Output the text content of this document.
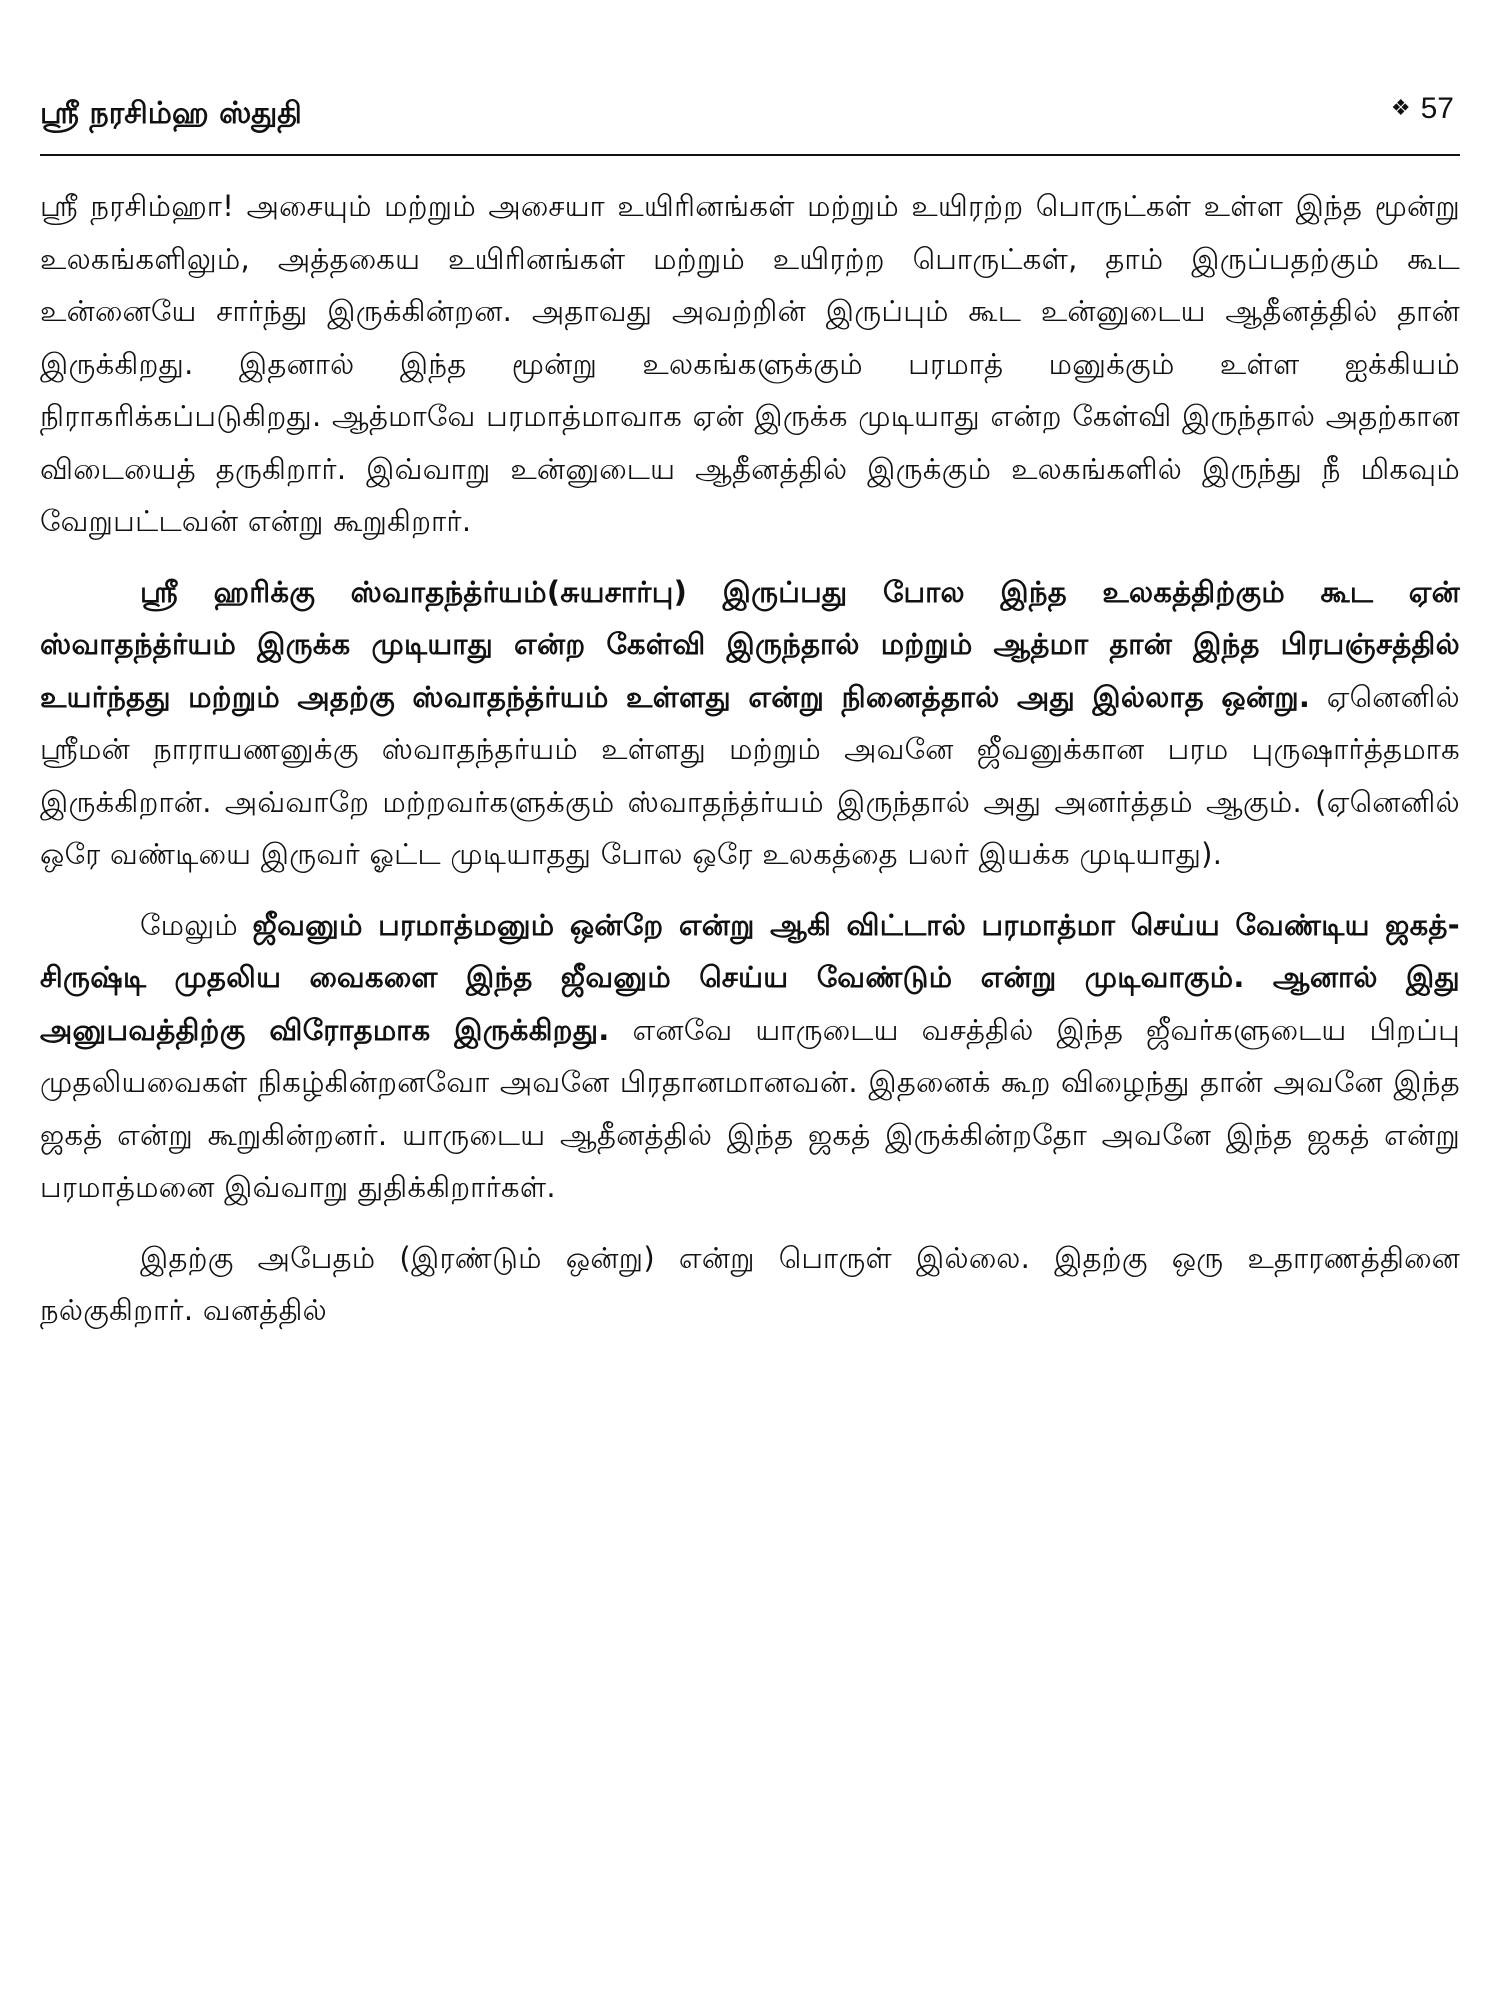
ஸ்ரீ நரசிம்ஹ ஸ்துதி	❖ 57

ஸ்ரீ நரசிம்ஹா! அசையும் மற்றும் அசையா உயிரினங்கள் மற்றும் உயிரற்ற பொருட்கள் உள்ள இந்த மூன்று உலகங்களிலும், அத்தகைய உயிரினங்கள் மற்றும் உயிரற்ற பொருட்கள், தாம் இருப்பதற்கும் கூட உன்னையே சார்ந்து இருக்கின்றன. அதாவது அவற்றின் இருப்பும் கூட உன்னுடைய ஆதீனத்தில் தான் இருக்கிறது. இதனால் இந்த மூன்று உலகங்களுக்கும் பரமாத் மனுக்கும் உள்ள ஐக்கியம் நிராகரிக்கப்படுகிறது. ஆத்மாவே பரமாத்மாவாக ஏன் இருக்க முடியாது என்ற கேள்வி இருந்தால் அதற்கான விடையைத் தருகிறார். இவ்வாறு உன்னுடைய ஆதீனத்தில் இருக்கும் உலகங்களில் இருந்து நீ மிகவும் வேறுபட்டவன் என்று கூறுகிறார்.

ஸ்ரீ ஹரிக்கு ஸ்வாதந்த்ர்யம்(சுயசார்பு) இருப்பது போல இந்த உலகத்திற்கும் கூட ஏன் ஸ்வாதந்த்ர்யம் இருக்க முடியாது என்ற கேள்வி இருந்தால் மற்றும் ஆத்மா தான் இந்த பிரபஞ்சத்தில் உயர்ந்தது மற்றும் அதற்கு ஸ்வாதந்த்ர்யம் உள்ளது என்று நினைத்தால் அது இல்லாத ஒன்று. ஏனெனில் ஸ்ரீமன் நாராயணனுக்கு ஸ்வாதந்தர்யம் உள்ளது மற்றும் அவனே ஜீவனுக்கான பரம புருஷார்த்தமாக இருக்கிறான். அவ்வாறே மற்றவர்களுக்கும் ஸ்வாதந்த்ர்யம் இருந்தால் அது அனர்த்தம் ஆகும். (ஏனெனில் ஒரே வண்டியை இருவர் ஓட்ட முடியாதது போல ஒரே உலகத்தை பலர் இயக்க முடியாது).

மேலும் ஜீவனும் பரமாத்மனும் ஒன்றே என்று ஆகி விட்டால் பரமாத்மா செய்ய வேண்டிய ஜகத்-சிருஷ்டி முதலிய வைகளை இந்த ஜீவனும் செய்ய வேண்டும் என்று முடிவாகும். ஆனால் இது அனுபவத்திற்கு விரோதமாக இருக்கிறது. எனவே யாருடைய வசத்தில் இந்த ஜீவர்களுடைய பிறப்பு முதலியவைகள் நிகழ்கின்றனவோ அவனே பிரதானமானவன். இதனைக் கூற விழைந்து தான் அவனே இந்த ஜகத் என்று கூறுகின்றனர். யாருடைய ஆதீனத்தில் இந்த ஜகத் இருக்கின்றதோ அவனே இந்த ஜகத் என்று பரமாத்மனை இவ்வாறு துதிக்கிறார்கள்.

இதற்கு அபேதம் (இரண்டும் ஒன்று) என்று பொருள் இல்லை. இதற்கு ஒரு உதாரணத்தினை நல்குகிறார். வனத்தில்
